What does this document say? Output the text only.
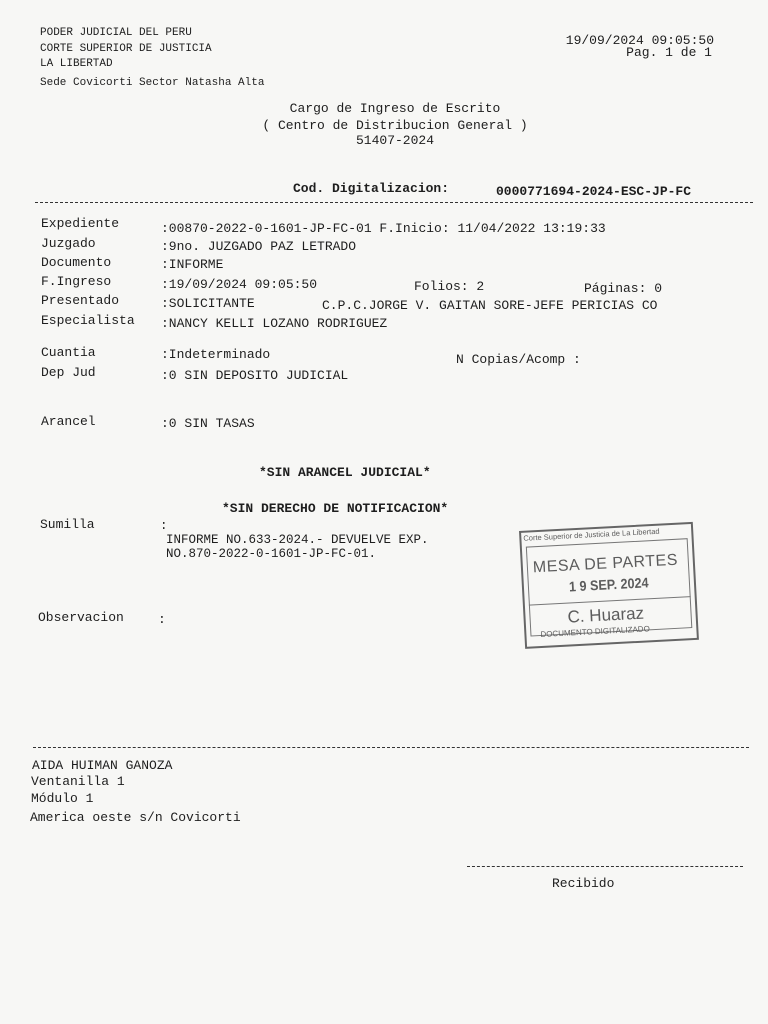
PODER JUDICIAL DEL PERU
CORTE SUPERIOR DE JUSTICIA
LA LIBERTAD
Sede Covicorti Sector Natasha Alta
19/09/2024 09:05:50
Pag. 1 de 1
Cargo de Ingreso de Escrito
( Centro de Distribucion General )
51407-2024
Cod. Digitalizacion:	0000771694-2024-ESC-JP-FC
Expediente	:00870-2022-0-1601-JP-FC-01 F.Inicio: 11/04/2022 13:19:33
Juzgado	:9no. JUZGADO PAZ LETRADO
Documento	:INFORME
F.Ingreso	:19/09/2024 09:05:50	Folios: 2	Páginas: 0
Presentado	:SOLICITANTE	C.P.C.JORGE V. GAITAN SORE-JEFE PERICIAS CO
Especialista :NANCY KELLI LOZANO RODRIGUEZ
Cuantia	:Indeterminado	N Copias/Acomp :
Dep Jud	:0 SIN DEPOSITO JUDICIAL
Arancel	:0 SIN TASAS
*SIN ARANCEL JUDICIAL*
*SIN DERECHO DE NOTIFICACION*
Sumilla	:
INFORME NO.633-2024.- DEVUELVE EXP.
NO.870-2022-0-1601-JP-FC-01.
Observacion	:
Corte Superior de Justicia de La Libertad
MESA DE PARTES
1 9 SEP. 2024
C. Huaraz
DOCUMENTO DIGITALIZADO
AIDA HUIMAN GANOZA
Ventanilla 1
Módulo 1
America oeste s/n Covicorti
Recibido
